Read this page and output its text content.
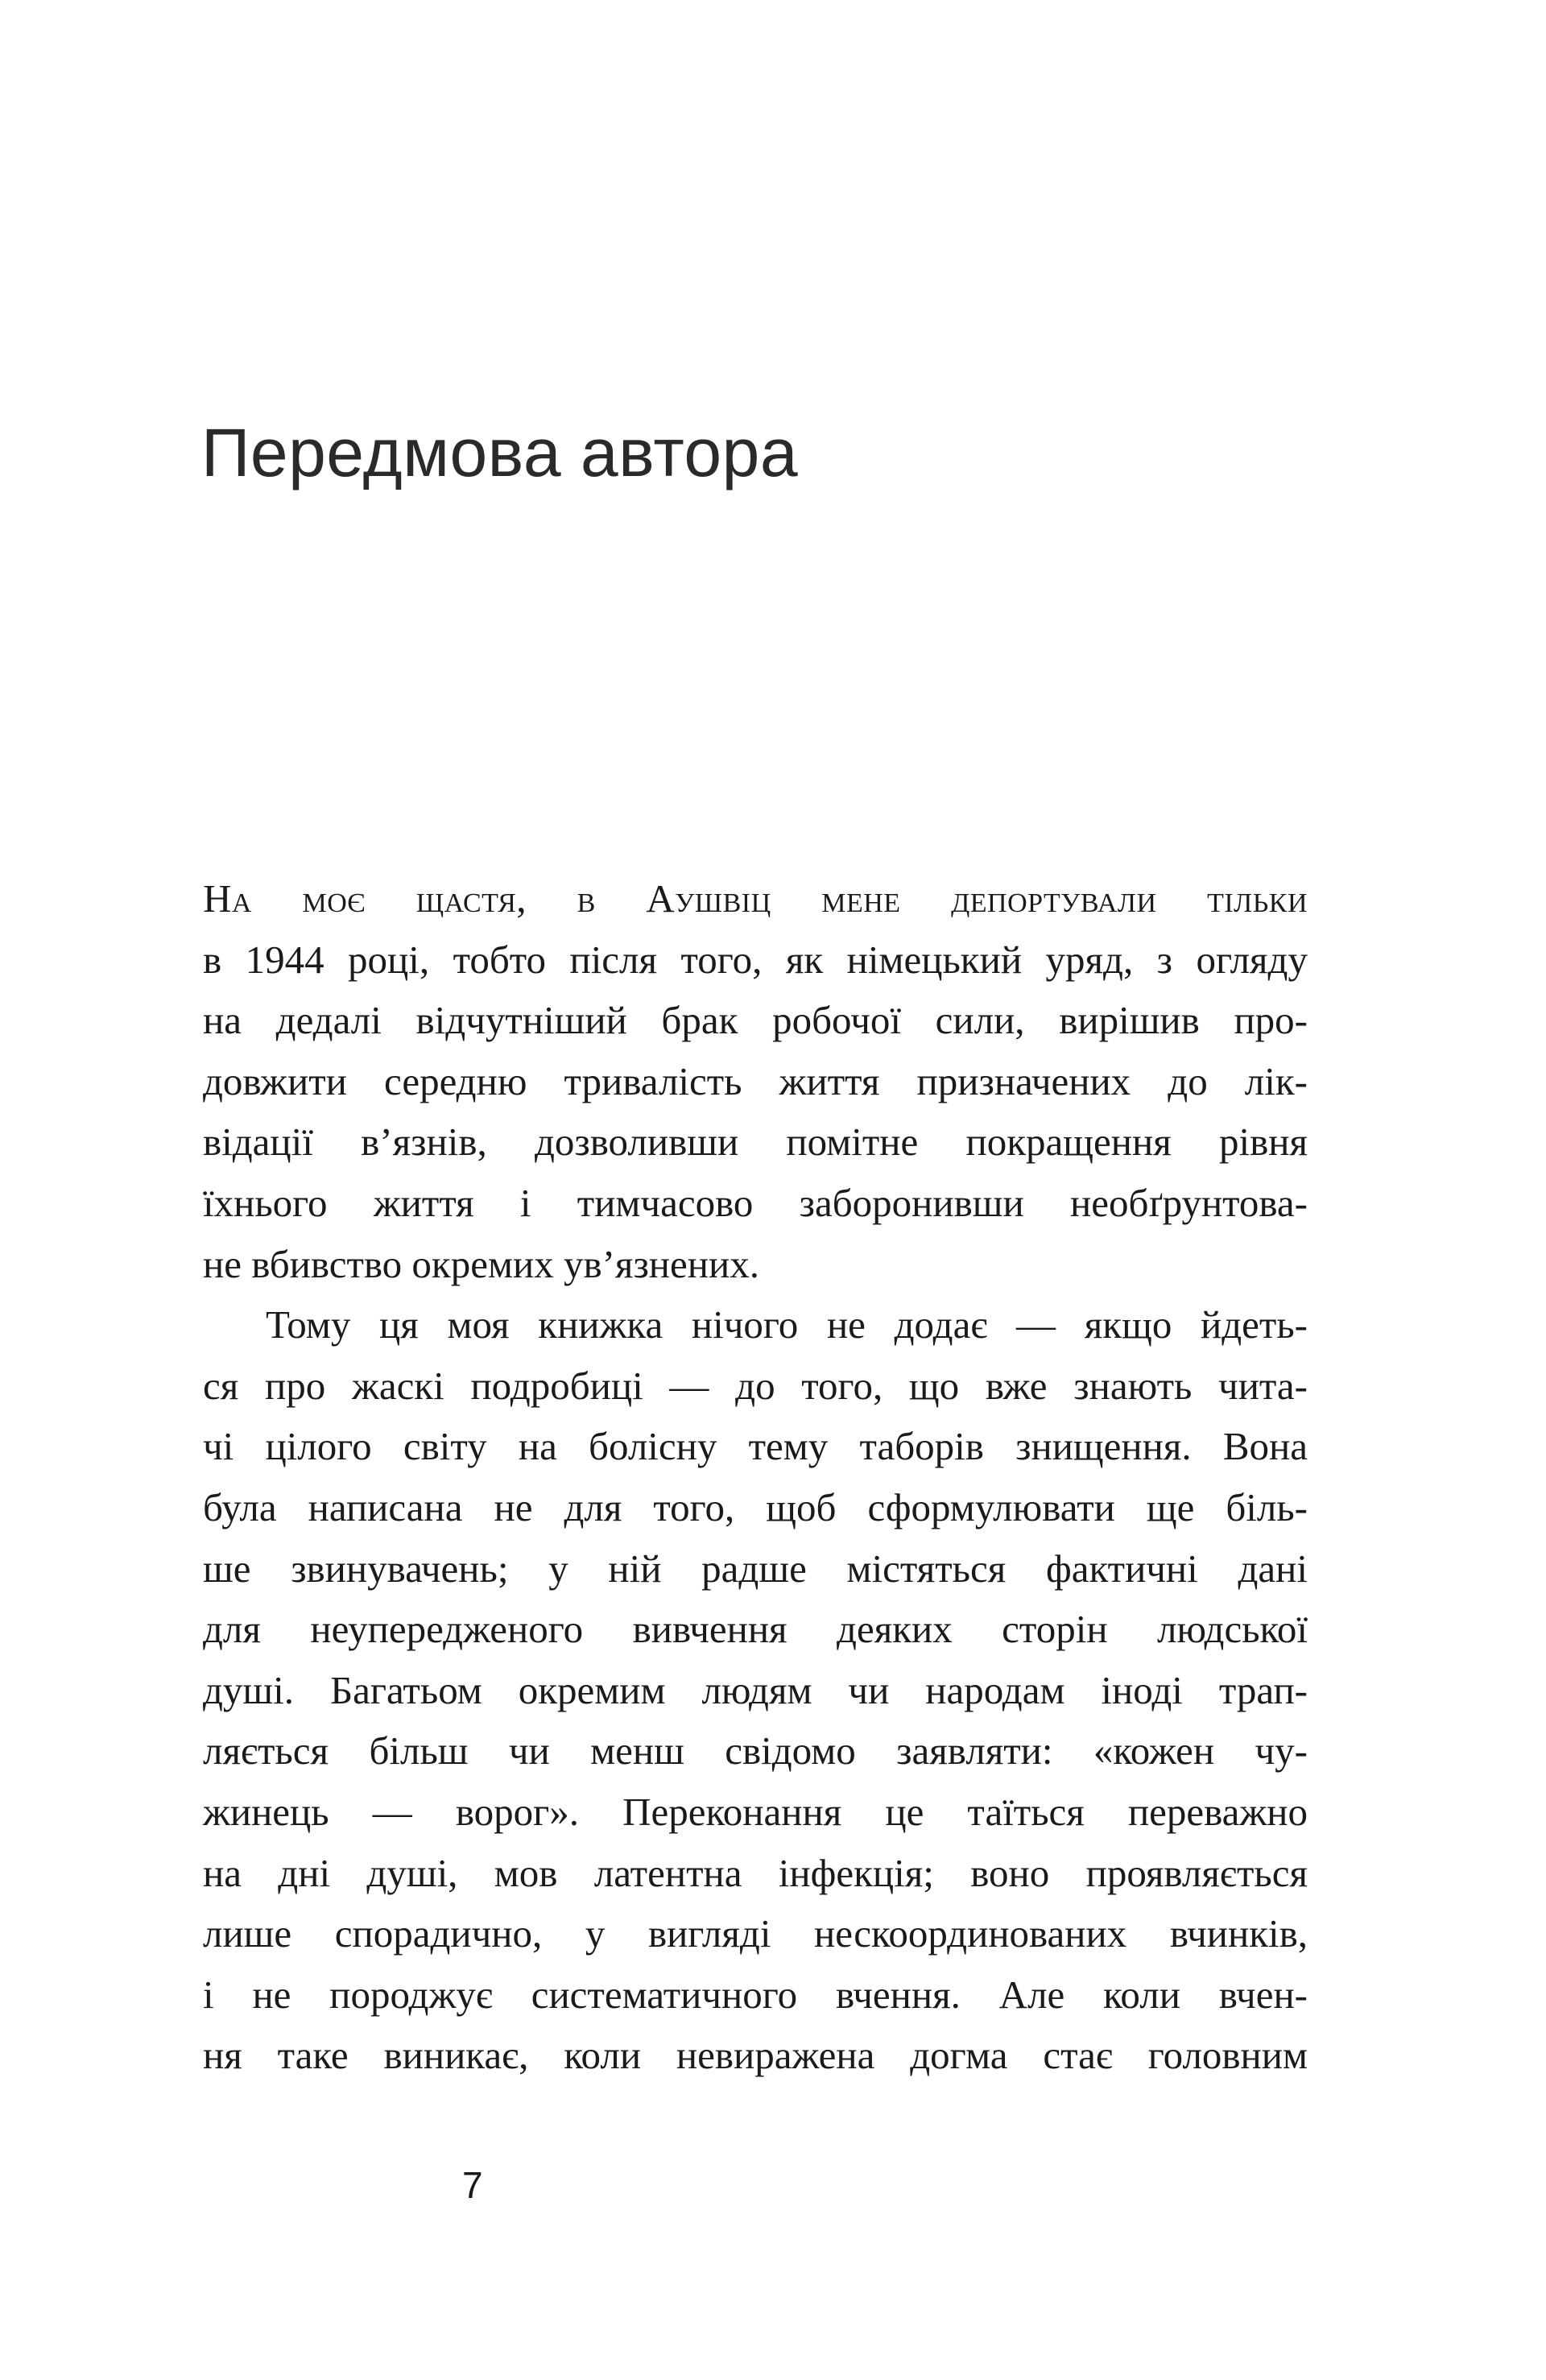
Передмова автора
На моє щастя, в Аушвіц мене депортували тільки
в 1944 році, тобто після того, як німецький уряд, з огляду
на дедалі відчутніший брак робочої сили, вирішив про-
довжити середню тривалість життя призначених до лік-
відації в’язнів, дозволивши помітне покращення рівня
їхнього життя і тимчасово заборонивши необґрунтова-
не вбивство окремих ув’язнених.
Тому ця моя книжка нічого не додає — якщо йдеть-
ся про жаскі подробиці — до того, що вже знають чита-
чі цілого світу на болісну тему таборів знищення. Вона
була написана не для того, щоб сформулювати ще біль-
ше звинувачень; у ній радше містяться фактичні дані
для неупередженого вивчення деяких сторін людської
душі. Багатьом окремим людям чи народам іноді трап-
ляється більш чи менш свідомо заявляти: «кожен чу-
жинець — ворог». Переконання це таїться переважно
на дні душі, мов латентна інфекція; воно проявляється
лише спорадично, у вигляді нескоординованих вчинків,
і не породжує систематичного вчення. Але коли вчен-
ня таке виникає, коли невиражена догма стає головним
7
